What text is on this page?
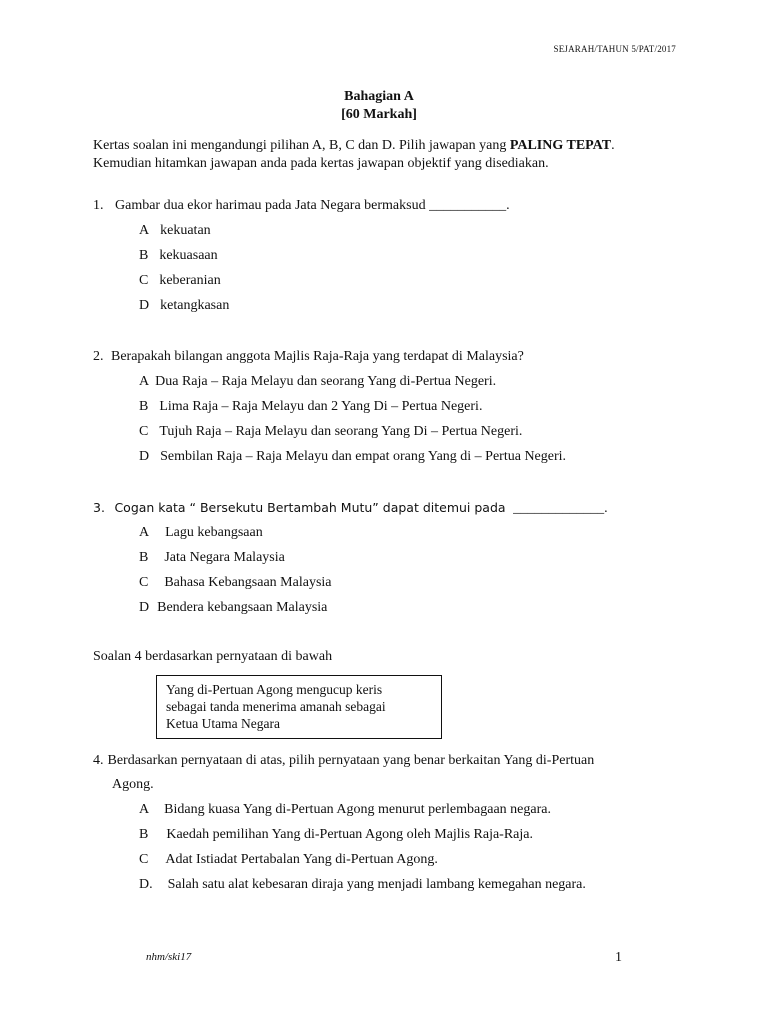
SEJARAH/TAHUN 5/PAT/2017
Bahagian A
[60 Markah]
Kertas soalan ini mengandungi pilihan A, B, C dan D. Pilih jawapan yang PALING TEPAT.
Kemudian hitamkan jawapan anda pada kertas jawapan objektif yang disediakan.
1. Gambar dua ekor harimau pada Jata Negara bermaksud ___________.
A kekuatan
B kekuasaan
C keberanian
D ketangkasan
2. Berapakah bilangan anggota Majlis Raja-Raja yang terdapat di Malaysia?
A Dua Raja – Raja Melayu dan seorang Yang di-Pertua Negeri.
B Lima Raja – Raja Melayu dan 2 Yang Di – Pertua Negeri.
C Tujuh Raja – Raja Melayu dan seorang Yang Di – Pertua Negeri.
D Sembilan Raja – Raja Melayu dan empat orang Yang di – Pertua Negeri.
3. Cogan kata “ Bersekutu Bertambah Mutu” dapat ditemui pada _____________.
A Lagu kebangsaan
B Jata Negara Malaysia
C Bahasa Kebangsaan Malaysia
D Bendera kebangsaan Malaysia
Soalan 4 berdasarkan pernyataan di bawah
Yang di-Pertuan Agong mengucup keris
sebagai tanda menerima amanah sebagai
Ketua Utama Negara
4. Berdasarkan pernyataan di atas, pilih pernyataan yang benar berkaitan Yang di-Pertuan
Agong.
A Bidang kuasa Yang di-Pertuan Agong menurut perlembagaan negara.
B Kaedah pemilihan Yang di-Pertuan Agong oleh Majlis Raja-Raja.
C Adat Istiadat Pertabalan Yang di-Pertuan Agong.
D. Salah satu alat kebesaran diraja yang menjadi lambang kemegahan negara.
nhm/ski17	1
